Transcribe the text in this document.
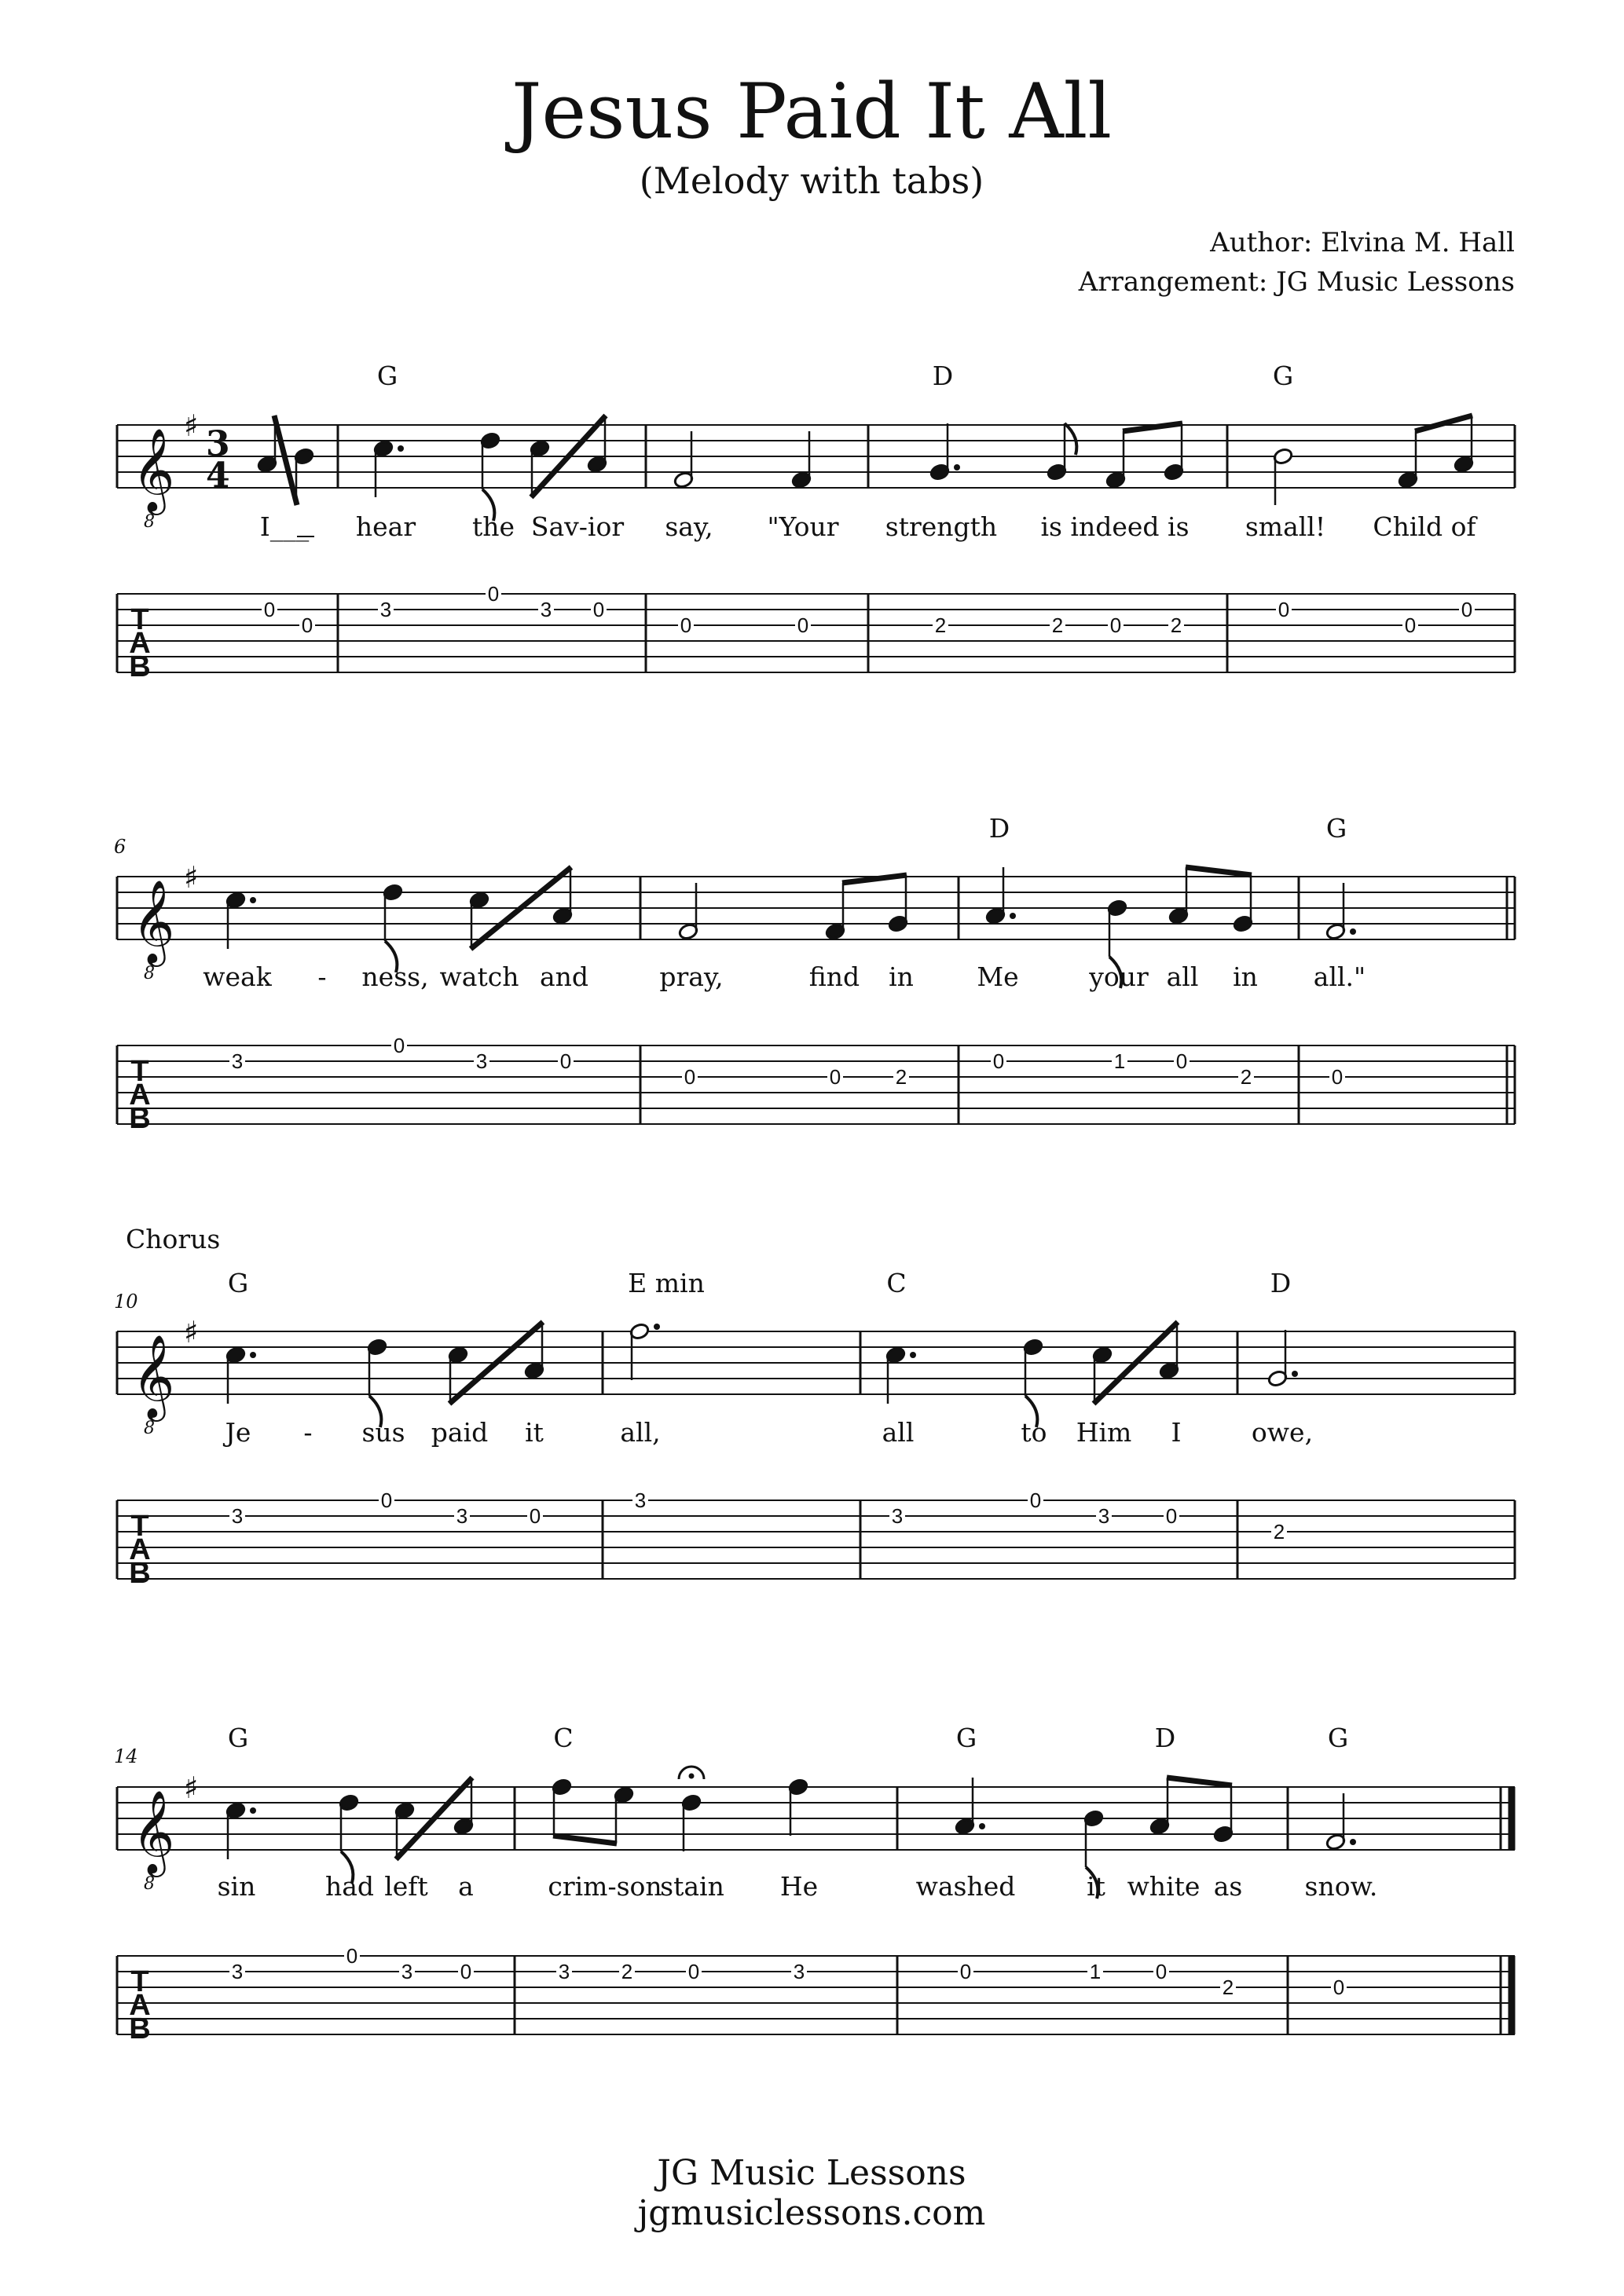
Jesus Paid It All
(Melody with tabs)
Author: Elvina M. Hall
Arrangement: JG Music Lessons
Chorus
6
10
14
G	D	G
D	G
G	E min	C	D
G	C	G	D	G
I___ hear the Sav-ior say, "Your strength is indeed is small! Child of
weak - ness, watch and	pray,	find in Me	your all in all."
Je - sus paid it	all,	all	to Him I	owe,
sin	had left a	crim-son
stain He	washed	it white as snow.
𝄞
8
♯ 3
4
T
A
B
0
0
3
0
3 0
0	0	2	2 0 2
0
0
0
𝄞
8
♯
T
A
B
3
0
3	0
0	0	2
0	1 0
2	0
𝄞
8
♯
T
A
B
3
0
3	0
3
3
0
3	0
2
𝄞
8
♯
T
A
B
3
0
3 0	3	2	0	3	0	1	0
2	0
JG Music Lessons
jgmusiclessons.com
